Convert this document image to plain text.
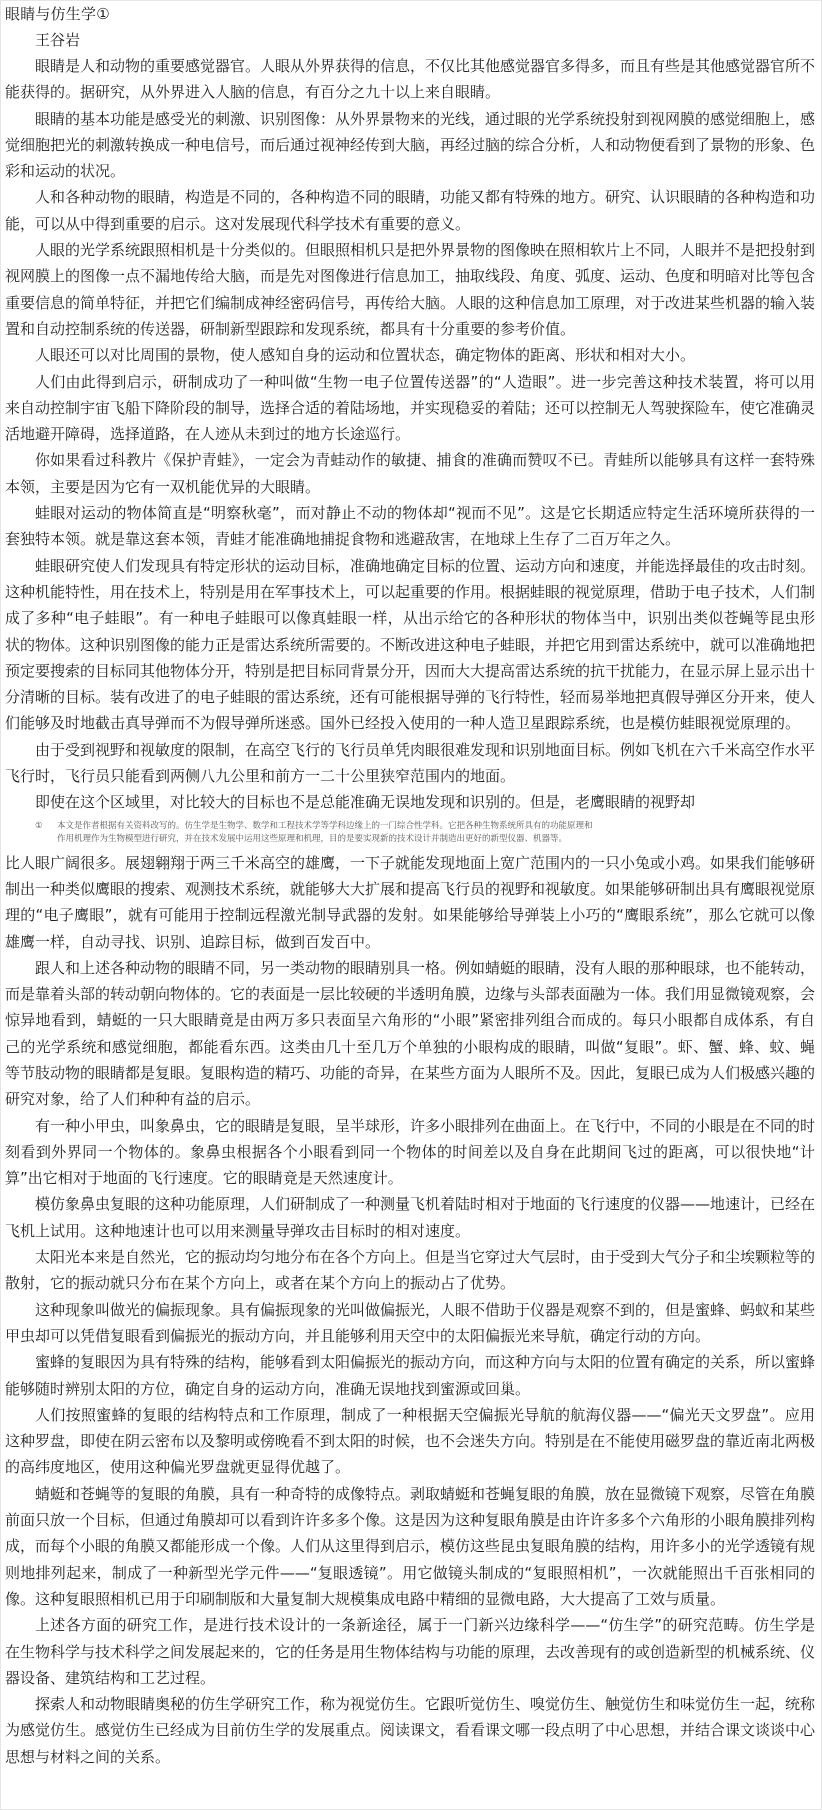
眼睛与仿生学①

王谷岩

眼睛是人和动物的重要感觉器官。人眼从外界获得的信息，不仅比其他感觉器官多得多，而且有些是其他感觉器官所不能获得的。据研究，从外界进入人脑的信息，有百分之九十以上来自眼睛。

眼睛的基本功能是感受光的刺激、识别图像：从外界景物来的光线，通过眼的光学系统投射到视网膜的感觉细胞上，感觉细胞把光的刺激转换成一种电信号，而后通过视神经传到大脑，再经过脑的综合分析，人和动物便看到了景物的形象、色彩和运动的状况。

人和各种动物的眼睛，构造是不同的，各种构造不同的眼睛，功能又都有特殊的地方。研究、认识眼睛的各种构造和功能，可以从中得到重要的启示。这对发展现代科学技术有重要的意义。

人眼的光学系统跟照相机是十分类似的。但眼照相机只是把外界景物的图像映在照相软片上不同，人眼并不是把投射到视网膜上的图像一点不漏地传给大脑，而是先对图像进行信息加工，抽取线段、角度、弧度、运动、色度和明暗对比等包含重要信息的简单特征，并把它们编制成神经密码信号，再传给大脑。人眼的这种信息加工原理，对于改进某些机器的输入装置和自动控制系统的传送器，研制新型跟踪和发现系统，都具有十分重要的参考价值。

人眼还可以对比周围的景物，使人感知自身的运动和位置状态，确定物体的距离、形状和相对大小。

人们由此得到启示，研制成功了一种叫做“生物一电子位置传送器”的“人造眼”。进一步完善这种技术装置，将可以用来自动控制宇宙飞船下降阶段的制导，选择合适的着陆场地，并实现稳妥的着陆；还可以控制无人驾驶探险车，使它准确灵活地避开障碍，选择道路，在人迹从未到过的地方长途巡行。

你如果看过科教片《保护青蛙》，一定会为青蛙动作的敏捷、捕食的准确而赞叹不已。青蛙所以能够具有这样一套特殊本领，主要是因为它有一双机能优异的大眼睛。

蛙眼对运动的物体简直是“明察秋毫”，而对静止不动的物体却“视而不见”。这是它长期适应特定生活环境所获得的一套独特本领。就是靠这套本领，青蛙才能准确地捕捉食物和逃避敌害，在地球上生存了二百万年之久。

蛙眼研究使人们发现具有特定形状的运动目标，准确地确定目标的位置、运动方向和速度，并能选择最佳的攻击时刻。这种机能特性，用在技术上，特别是用在军事技术上，可以起重要的作用。根据蛙眼的视觉原理，借助于电子技术，人们制成了多种“电子蛙眼”。有一种电子蛙眼可以像真蛙眼一样，从出示给它的各种形状的物体当中，识别出类似苍蝇等昆虫形状的物体。这种识别图像的能力正是雷达系统所需要的。不断改进这种电子蛙眼，并把它用到雷达系统中，就可以准确地把预定要搜索的目标同其他物体分开，特别是把目标同背景分开，因而大大提高雷达系统的抗干扰能力，在显示屏上显示出十分清晰的目标。装有改进了的电子蛙眼的雷达系统，还有可能根据导弹的飞行特性，轻而易举地把真假导弹区分开来，使人们能够及时地截击真导弹而不为假导弹所迷惑。国外已经投入使用的一种人造卫星跟踪系统，也是模仿蛙眼视觉原理的。

由于受到视野和视敏度的限制，在高空飞行的飞行员单凭肉眼很难发现和识别地面目标。例如飞机在六千米高空作水平飞行时，飞行员只能看到两侧八九公里和前方一二十公里狭窄范围内的地面。

即使在这个区域里，对比较大的目标也不是总能准确无误地发现和识别的。但是，老鹰眼睛的视野却

①	本文是作者根据有关资料改写的。仿生学是生物学、数学和工程技术学等学科边缘上的一门综合性学科。它把各种生物系统所具有的功能原理和作用机理作为生物模型进行研究，并在技术发展中运用这些原理和机理，目的是要实现新的技术设计并制造出更好的新型仪器、机器等。

比人眼广阔很多。展翅翱翔于两三千米高空的雄鹰，一下子就能发现地面上宽广范围内的一只小兔或小鸡。如果我们能够研制出一种类似鹰眼的搜索、观测技术系统，就能够大大扩展和提高飞行员的视野和视敏度。如果能够研制出具有鹰眼视觉原理的“电子鹰眼”，就有可能用于控制远程激光制导武器的发射。如果能够给导弹装上小巧的“鹰眼系统”，那么它就可以像雄鹰一样，自动寻找、识别、追踪目标，做到百发百中。

跟人和上述各种动物的眼睛不同，另一类动物的眼睛别具一格。例如蜻蜓的眼睛，没有人眼的那种眼球，也不能转动，而是靠着头部的转动朝向物体的。它的表面是一层比较硬的半透明角膜，边缘与头部表面融为一体。我们用显微镜观察，会惊异地看到，蜻蜓的一只大眼睛竟是由两万多只表面呈六角形的“小眼”紧密排列组合而成的。每只小眼都自成体系，有自己的光学系统和感觉细胞，都能看东西。这类由几十至几万个单独的小眼构成的眼睛，叫做“复眼”。虾、蟹、蜂、蚊、蝇等节肢动物的眼睛都是复眼。复眼构造的精巧、功能的奇异，在某些方面为人眼所不及。因此，复眼已成为人们极感兴趣的研究对象，给了人们种种有益的启示。

有一种小甲虫，叫象鼻虫，它的眼睛是复眼，呈半球形，许多小眼排列在曲面上。在飞行中，不同的小眼是在不同的时刻看到外界同一个物体的。象鼻虫根据各个小眼看到同一个物体的时间差以及自身在此期间飞过的距离，可以很快地“计算”出它相对于地面的飞行速度。它的眼睛竟是天然速度计。

模仿象鼻虫复眼的这种功能原理，人们研制成了一种测量飞机着陆时相对于地面的飞行速度的仪器——地速计，已经在飞机上试用。这种地速计也可以用来测量导弹攻击目标时的相对速度。

太阳光本来是自然光，它的振动均匀地分布在各个方向上。但是当它穿过大气层时，由于受到大气分子和尘埃颗粒等的散射，它的振动就只分布在某个方向上，或者在某个方向上的振动占了优势。

这种现象叫做光的偏振现象。具有偏振现象的光叫做偏振光，人眼不借助于仪器是观察不到的，但是蜜蜂、蚂蚁和某些甲虫却可以凭借复眼看到偏振光的振动方向，并且能够利用天空中的太阳偏振光来导航，确定行动的方向。

蜜蜂的复眼因为具有特殊的结构，能够看到太阳偏振光的振动方向，而这种方向与太阳的位置有确定的关系，所以蜜蜂能够随时辨别太阳的方位，确定自身的运动方向，准确无误地找到蜜源或回巢。

人们按照蜜蜂的复眼的结构特点和工作原理，制成了一种根据天空偏振光导航的航海仪器——“偏光天文罗盘”。应用这种罗盘，即使在阴云密布以及黎明或傍晚看不到太阳的时候，也不会迷失方向。特别是在不能使用磁罗盘的靠近南北两极的高纬度地区，使用这种偏光罗盘就更显得优越了。

蜻蜓和苍蝇等的复眼的角膜，具有一种奇特的成像特点。剥取蜻蜓和苍蝇复眼的角膜，放在显微镜下观察，尽管在角膜前面只放一个目标，但通过角膜却可以看到许许多多个像。这是因为这种复眼角膜是由许许多多个六角形的小眼角膜排列构成，而每个小眼的角膜又都能形成一个像。人们从这里得到启示，模仿这些昆虫复眼角膜的结构，用许多小的光学透镜有规则地排列起来，制成了一种新型光学元件——“复眼透镜”。用它做镜头制成的“复眼照相机”，一次就能照出千百张相同的像。这种复眼照相机已用于印刷制版和大量复制大规模集成电路中精细的显微电路，大大提高了工效与质量。

上述各方面的研究工作，是进行技术设计的一条新途径，属于一门新兴边缘科学——“仿生学”的研究范畴。仿生学是在生物科学与技术科学之间发展起来的，它的任务是用生物体结构与功能的原理，去改善现有的或创造新型的机械系统、仪器设备、建筑结构和工艺过程。

探索人和动物眼睛奥秘的仿生学研究工作，称为视觉仿生。它跟听觉仿生、嗅觉仿生、触觉仿生和味觉仿生一起，统称为感觉仿生。感觉仿生已经成为目前仿生学的发展重点。阅读课文，看看课文哪一段点明了中心思想，并结合课文谈谈中心思想与材料之间的关系。
